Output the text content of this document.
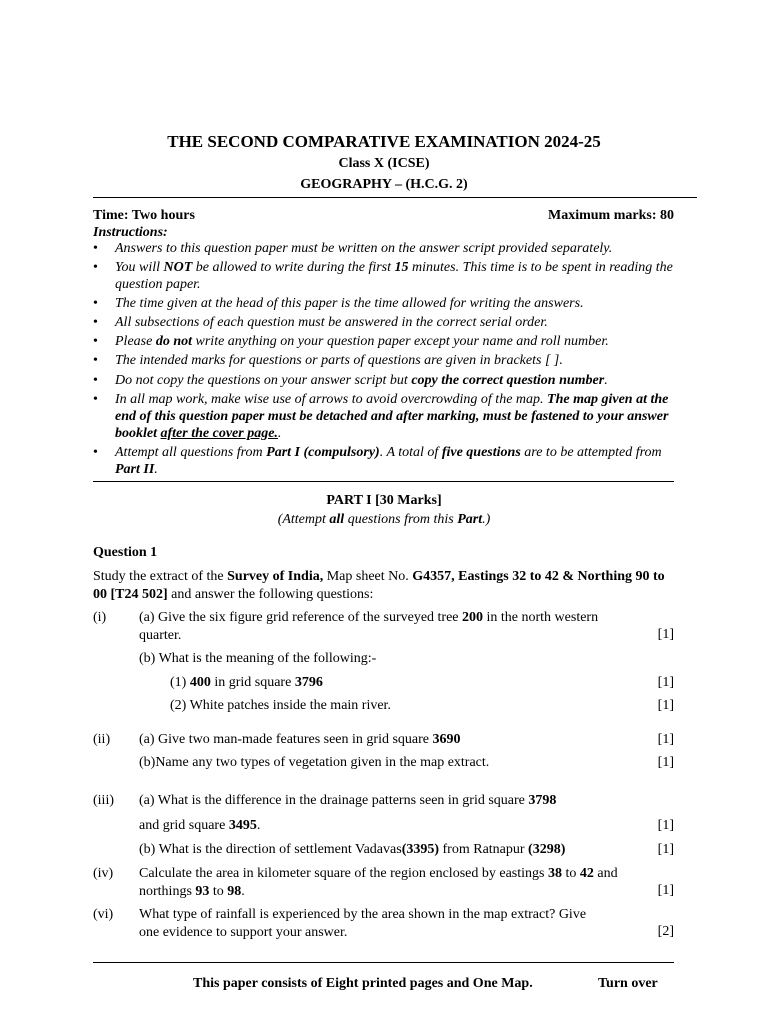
THE SECOND COMPARATIVE EXAMINATION 2024-25
Class X (ICSE)
GEOGRAPHY – (H.C.G. 2)
Time: Two hours	Maximum marks: 80
Instructions:
• Answers to this question paper must be written on the answer script provided separately.
• You will NOT be allowed to write during the first 15 minutes. This time is to be spent in reading the question paper.
• The time given at the head of this paper is the time allowed for writing the answers.
• All subsections of each question must be answered in the correct serial order.
• Please do not write anything on your question paper except your name and roll number.
• The intended marks for questions or parts of questions are given in brackets [ ].
• Do not copy the questions on your answer script but copy the correct question number.
• In all map work, make wise use of arrows to avoid overcrowding of the map. The map given at the end of this question paper must be detached and after marking, must be fastened to your answer booklet after the cover page..
• Attempt all questions from Part I (compulsory). A total of five questions are to be attempted from Part II.
PART I [30 Marks]
(Attempt all questions from this Part.)
Question 1
Study the extract of the Survey of India, Map sheet No. G4357, Eastings 32 to 42 & Northing 90 to 00 [T24 502] and answer the following questions:
(i) (a) Give the six figure grid reference of the surveyed tree 200 in the north western quarter.	[1]
(b) What is the meaning of the following:-
(1) 400 in grid square 3796	[1]
(2) White patches inside the main river.	[1]
(ii) (a) Give two man-made features seen in grid square 3690	[1]
(b)Name any two types of vegetation given in the map extract.	[1]
(iii) (a) What is the difference in the drainage patterns seen in grid square 3798
and grid square 3495.	[1]
(b) What is the direction of settlement Vadavas(3395) from Ratnapur (3298)	[1]
(iv) Calculate the area in kilometer square of the region enclosed by eastings 38 to 42 and northings 93 to 98.	[1]
(vi) What type of rainfall is experienced by the area shown in the map extract? Give one evidence to support your answer.	[2]
This paper consists of Eight printed pages and One Map.	Turn over
